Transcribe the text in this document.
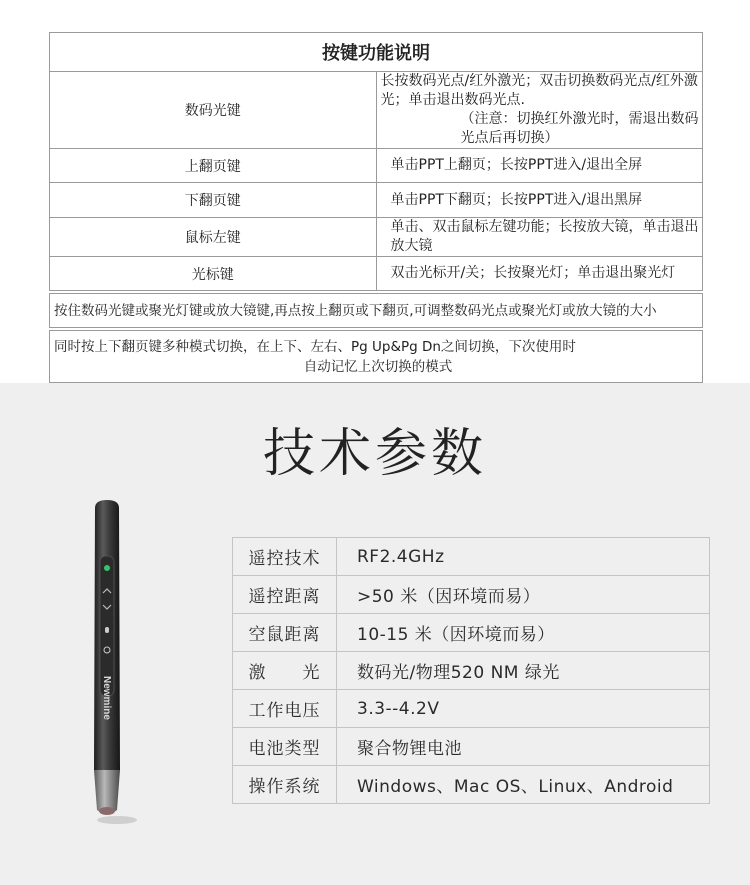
按键功能说明	
数码光键	长按数码光点/红外激光；双击切换数码光点/红外激光；单击退出数码光点.
（注意：切换红外激光时，需退出数码光点后再切换）

上翻页键	单击PPT上翻页；长按PPT进入/退出全屏
下翻页键	单击PPT下翻页；长按PPT进入/退出黑屏
鼠标左键	单击、双击鼠标左键功能；长按放大镜，单击退出放大镜
光标键	双击光标开/关；长按聚光灯；单击退出聚光灯

按住数码光键或聚光灯键或放大镜键,再点按上翻页或下翻页,可调整数码光点或聚光灯或放大镜的大小	

同时按上下翻页键多种模式切换，在上下、左右、Pg Up&Pg Dn之间切换，下次使用时
自动记忆上次切换的模式	
技术参数
Newmine
遥控技术	RF2.4GHz
遥控距离	>50 米（因环境而易）
空鼠距离	10-15 米（因环境而易）
激　　光	数码光/物理520 NM 绿光
工作电压	3.3--4.2V
电池类型	聚合物锂电池
操作系统	Windows、Mac OS、Linux、Android
